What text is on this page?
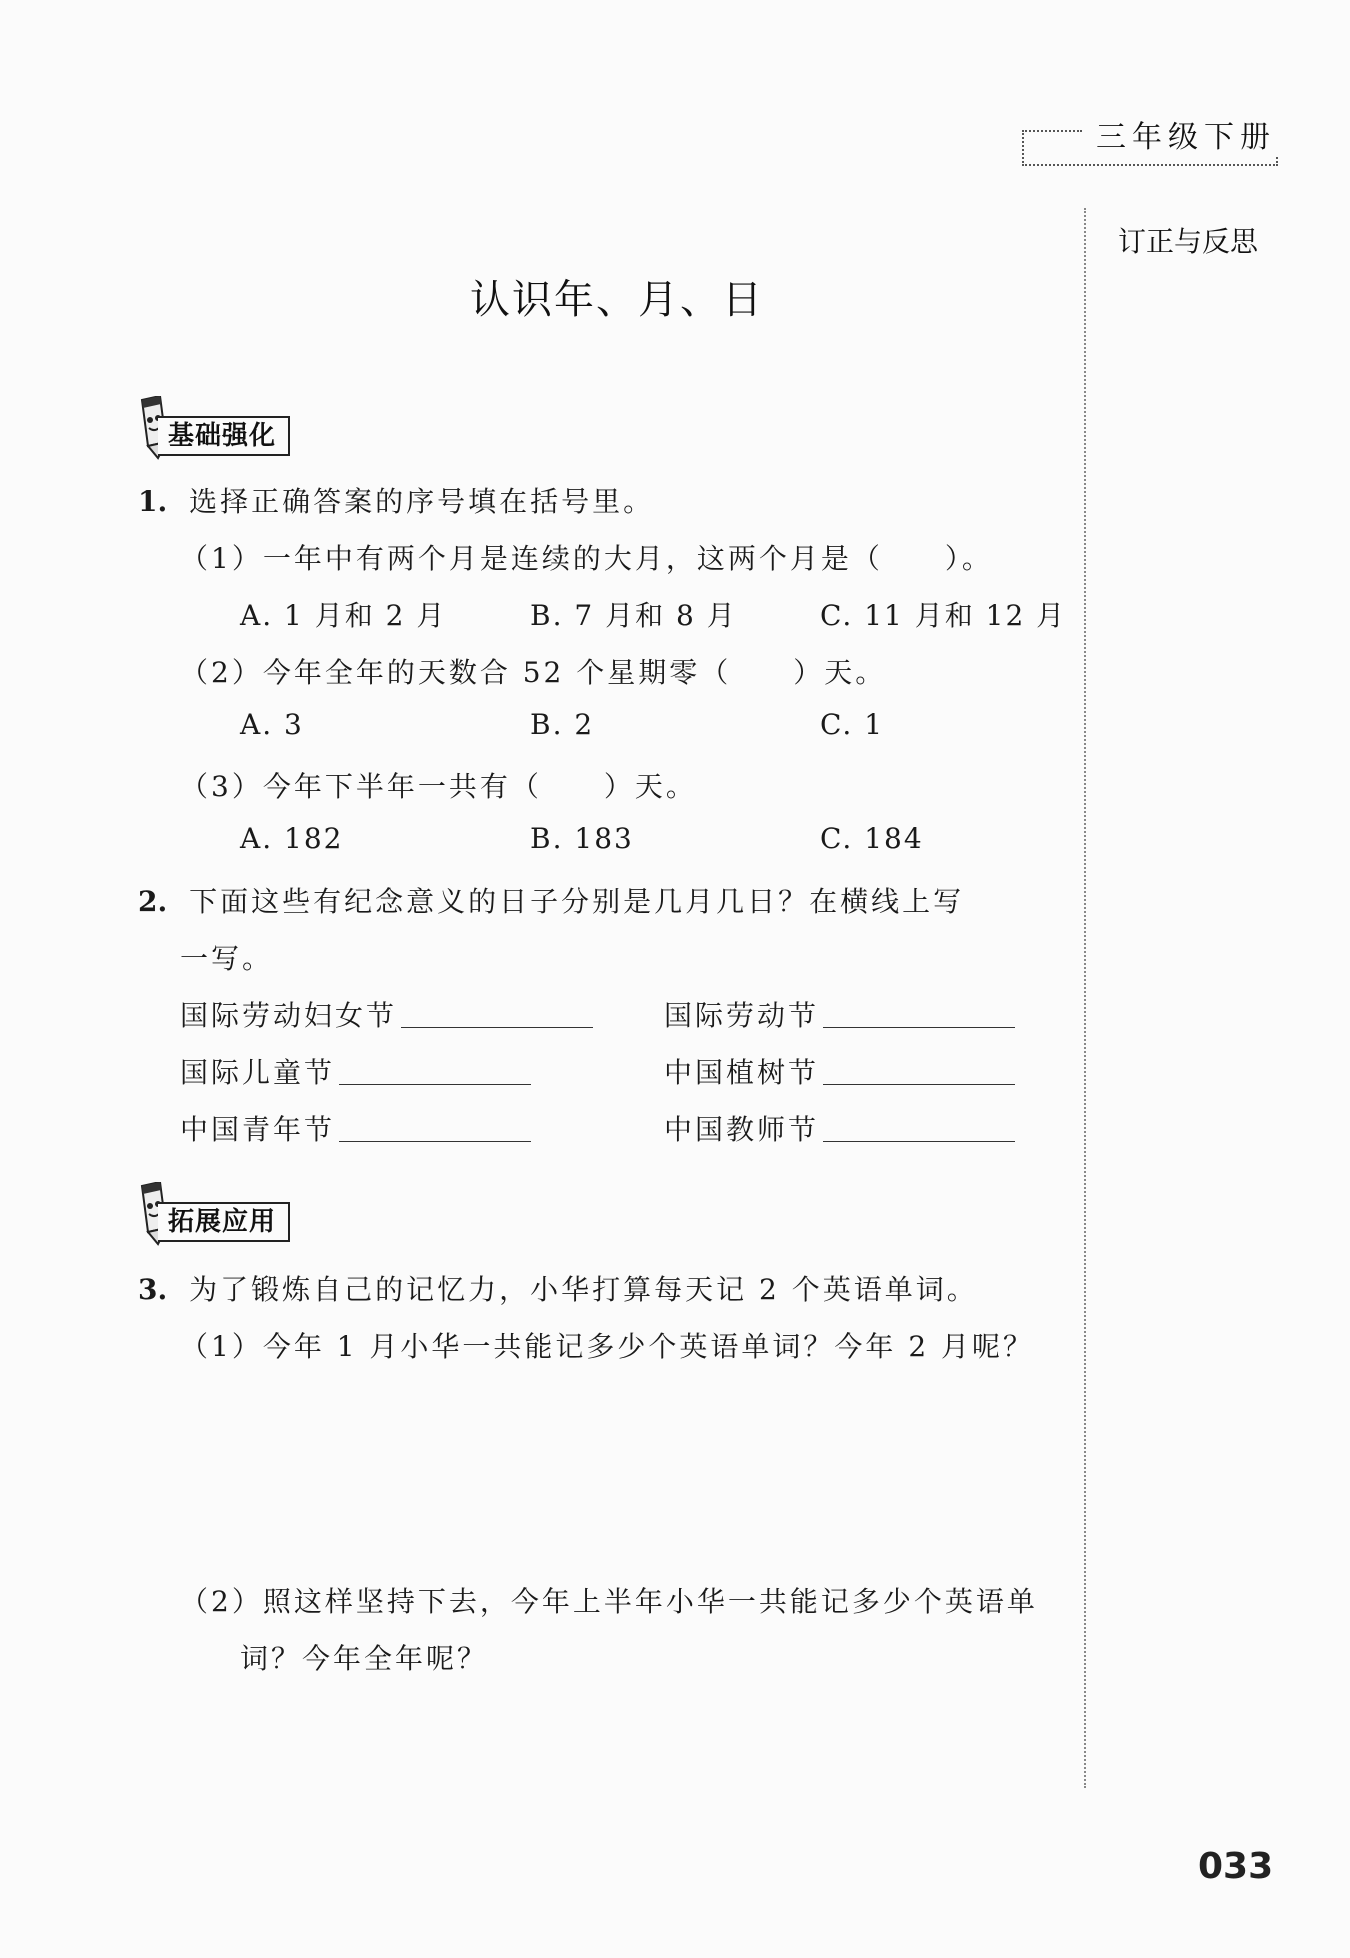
三年级下册
订正与反思
认识年、月、日
基础强化
1. 选择正确答案的序号填在括号里。
（1）一年中有两个月是连续的大月，这两个月是（　　）。
A. 1 月和 2 月	B. 7 月和 8 月	C. 11 月和 12 月
（2）今年全年的天数合 52 个星期零（　　）天。
A. 3	B. 2	C. 1
（3）今年下半年一共有（　　）天。
A. 182	B. 183	C. 184
2. 下面这些有纪念意义的日子分别是几月几日？在横线上写
一写。
国际劳动妇女节	国际劳动节
国际儿童节	中国植树节
中国青年节	中国教师节
拓展应用
3. 为了锻炼自己的记忆力，小华打算每天记 2 个英语单词。
（1）今年 1 月小华一共能记多少个英语单词？今年 2 月呢？
（2）照这样坚持下去，今年上半年小华一共能记多少个英语单
词？今年全年呢？
033
